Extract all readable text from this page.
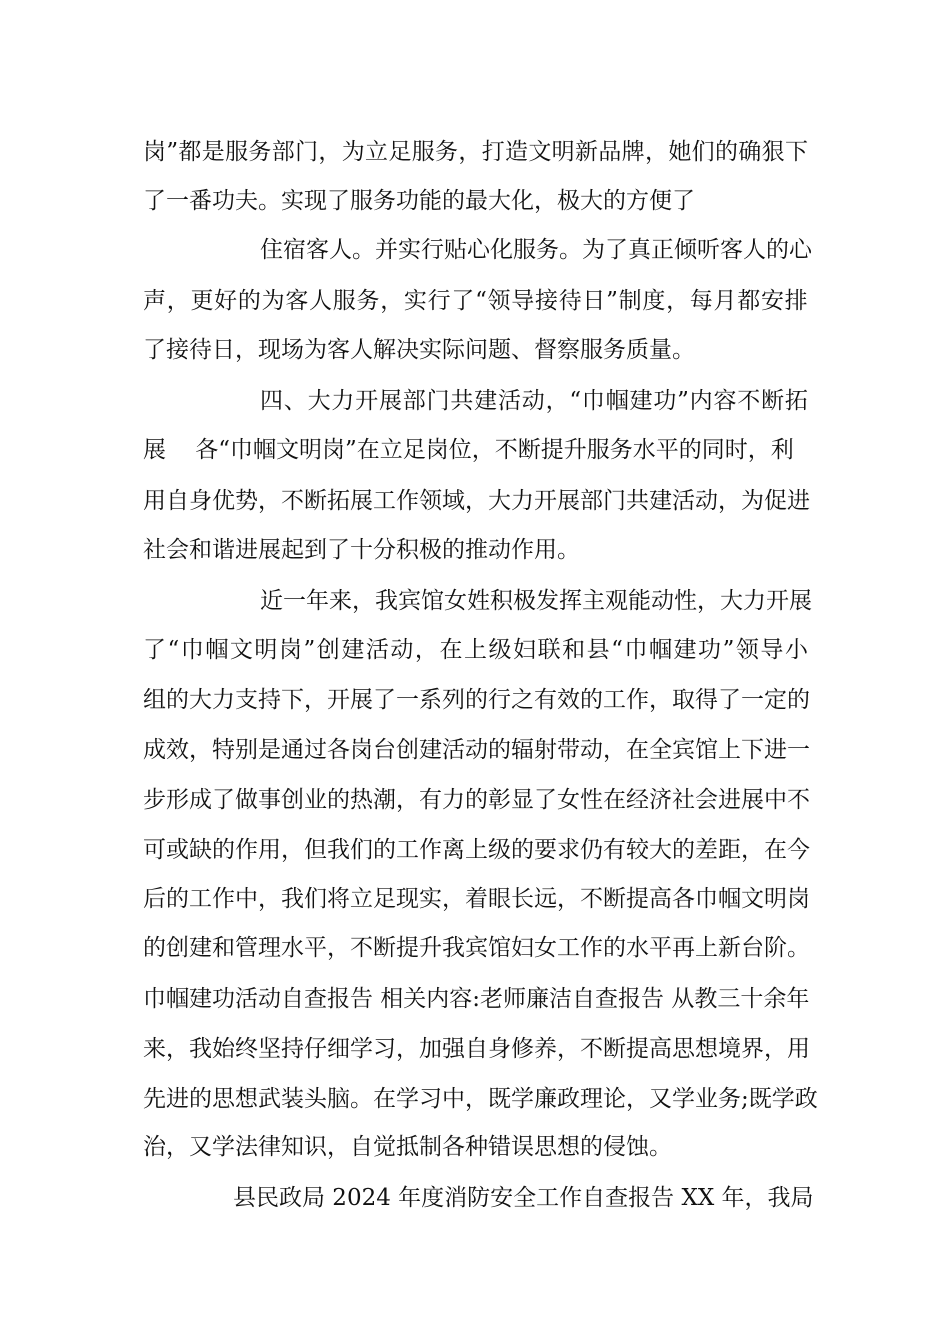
岗 ” 都 是 服 务 部 门 ， 为 立 足 服 务 ， 打 造 文 明 新 品 牌 ， 她 们 的 确 狠 下
了一番功夫。实现了服务功能的最大化，极大的方便了
住 宿 客 人 。 并 实 行 贴 心 化 服 务 。 为 了 真 正 倾 听 客 人 的 心
声 ， 更 好 的 为 客 人 服 务 ， 实 行 了 “ 领 导 接 待 日 ” 制 度 ， 每 月 都 安 排
了接待日，现场为客人解决实际问题、督察服务质量。
四 、 大 力 开 展 部 门 共 建 活 动 ， “ 巾 帼 建 功 ” 内 容 不 断 拓
展    各“巾帼文明岗”在立足岗位，不断提升服务水平的同时，利
用 自 身 优 势 ， 不 断 拓 展 工 作 领 域 ， 大 力 开 展 部 门 共 建 活 动 ， 为 促 进
社会和谐进展起到了十分积极的推动作用。
近 一 年 来 ， 我 宾 馆 女 姓 积 极 发 挥 主 观 能 动 性 ， 大 力 开 展
了 “ 巾 帼 文 明 岗 ” 创 建 活 动 ， 在 上 级 妇 联 和 县 “ 巾 帼 建 功 ” 领 导 小
组 的 大 力 支 持 下 ， 开 展 了 一 系 列 的 行 之 有 效 的 工 作 ， 取 得 了 一 定 的
成 效 ， 特 别 是 通 过 各 岗 台 创 建 活 动 的 辐 射 带 动 ， 在 全 宾 馆 上 下 进 一
步 形 成 了 做 事 创 业 的 热 潮 ， 有 力 的 彰 显 了 女 性 在 经 济 社 会 进 展 中 不
可 或 缺 的 作 用 ， 但 我 们 的 工 作 离 上 级 的 要 求 仍 有 较 大 的 差 距 ， 在 今
后 的 工 作 中 ， 我 们 将 立 足 现 实 ， 着 眼 长 远 ， 不 断 提 高 各 巾 帼 文 明 岗
的创建和管理水平，不断提升我宾馆妇女工作的水平再上新台阶。
巾帼建功活动自查报告 相关内容:老师廉洁自查报告 从教三十余年
来 ， 我 始 终 坚 持 仔 细 学 习 ， 加 强 自 身 修 养 ， 不 断 提 高 思 想 境 界 ， 用
先进的思想武装头脑。在学习中，既学廉政理论，又学业务;既学政
治，又学法律知识，自觉抵制各种错误思想的侵蚀。
县民政局 2024 年度消防安全工作自查报告 XX 年，我局
